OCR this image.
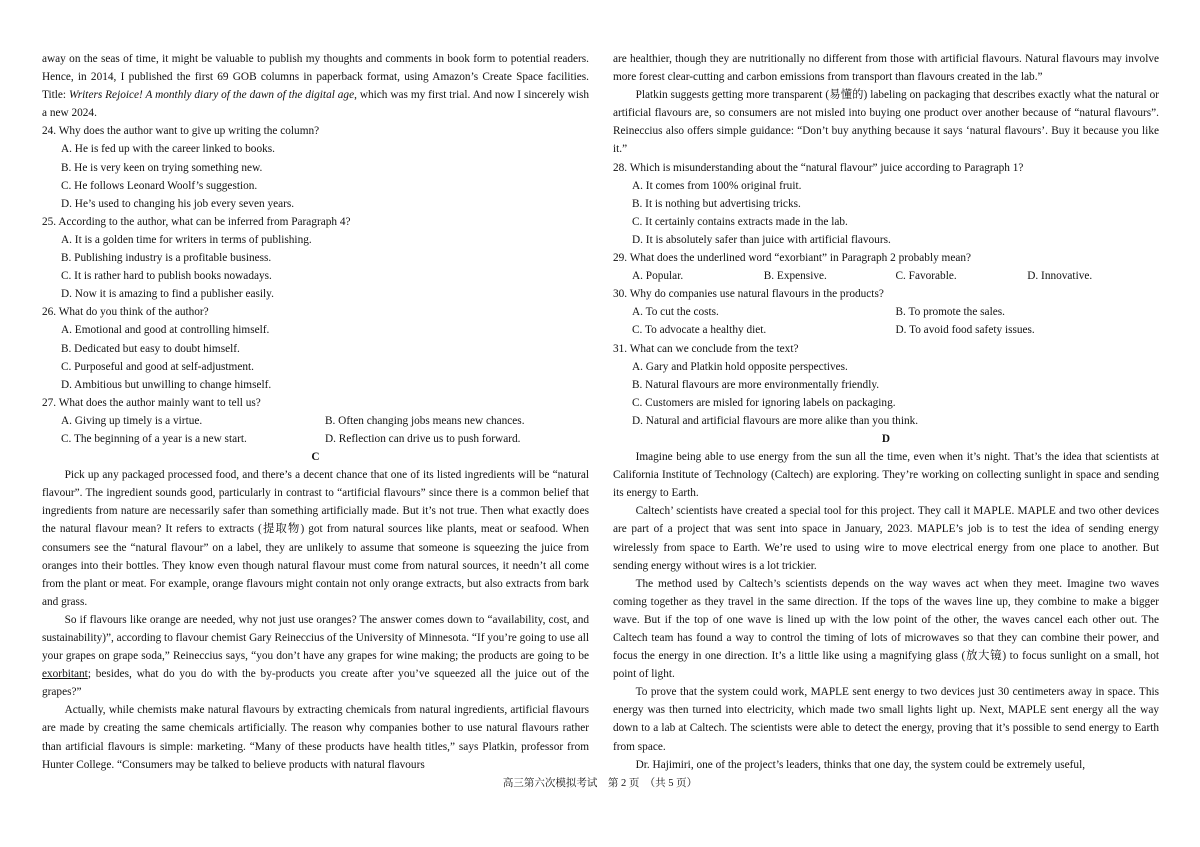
away on the seas of time, it might be valuable to publish my thoughts and comments in book form to potential readers. Hence, in 2014, I published the first 69 GOB columns in paperback format, using Amazon’s Create Space facilities. Title: Writers Rejoice! A monthly diary of the dawn of the digital age, which was my first trial. And now I sincerely wish a new 2024.

24. Why does the author want to give up writing the column?

A. He is fed up with the career linked to books.

B. He is very keen on trying something new.

C. He follows Leonard Woolf’s suggestion.

D. He’s used to changing his job every seven years.

25. According to the author, what can be inferred from Paragraph 4?

A. It is a golden time for writers in terms of publishing.

B. Publishing industry is a profitable business.

C. It is rather hard to publish books nowadays.

D. Now it is amazing to find a publisher easily.

26. What do you think of the author?

A. Emotional and good at controlling himself.

B. Dedicated but easy to doubt himself.

C. Purposeful and good at self-adjustment.

D. Ambitious but unwilling to change himself.

27. What does the author mainly want to tell us?

A. Giving up timely is a virtue.	B. Often changing jobs means new chances.
C. The beginning of a year is a new start.	D. Reflection can drive us to push forward.

C

Pick up any packaged processed food, and there’s a decent chance that one of its listed ingredients will be “natural flavour”. The ingredient sounds good, particularly in contrast to “artificial flavours” since there is a common belief that ingredients from nature are necessarily safer than something artificially made. But it’s not true. Then what exactly does the natural flavour mean? It refers to extracts (提取物) got from natural sources like plants, meat or seafood. When consumers see the “natural flavour” on a label, they are unlikely to assume that someone is squeezing the juice from oranges into their bottles. They know even though natural flavour must come from natural sources, it needn’t all come from the plant or meat. For example, orange flavours might contain not only orange extracts, but also extracts from bark and grass.

So if flavours like orange are needed, why not just use oranges? The answer comes down to “availability, cost, and sustainability)”, according to flavour chemist Gary Reineccius of the University of Minnesota. “If you’re going to use all your grapes on grape soda,” Reineccius says, “you don’t have any grapes for wine making; the products are going to be exorbitant; besides, what do you do with the by-products you create after you’ve squeezed all the juice out of the grapes?”

Actually, while chemists make natural flavours by extracting chemicals from natural ingredients, artificial flavours are made by creating the same chemicals artificially. The reason why companies bother to use natural flavours rather than artificial flavours is simple: marketing. “Many of these products have health titles,” says Platkin, professor from Hunter College. “Consumers may be talked to believe products with natural flavours

are healthier, though they are nutritionally no different from those with artificial flavours. Natural flavours may involve more forest clear-cutting and carbon emissions from transport than flavours created in the lab.”

Platkin suggests getting more transparent (易懂的) labeling on packaging that describes exactly what the natural or artificial flavours are, so consumers are not misled into buying one product over another because of “natural flavours”. Reineccius also offers simple guidance: “Don’t buy anything because it says ‘natural flavours’. Buy it because you like it.”

28. Which is misunderstanding about the “natural flavour” juice according to Paragraph 1?

A. It comes from 100% original fruit.

B. It is nothing but advertising tricks.

C. It certainly contains extracts made in the lab.

D. It is absolutely safer than juice with artificial flavours.

29. What does the underlined word “exorbiant” in Paragraph 2 probably mean?

A. Popular.	B. Expensive.	C. Favorable.	D. Innovative.

30. Why do companies use natural flavours in the products?

A. To cut the costs.	B. To promote the sales.
C. To advocate a healthy diet.	D. To avoid food safety issues.

31. What can we conclude from the text?

A. Gary and Platkin hold opposite perspectives.

B. Natural flavours are more environmentally friendly.

C. Customers are misled for ignoring labels on packaging.

D. Natural and artificial flavours are more alike than you think.

D

Imagine being able to use energy from the sun all the time, even when it’s night. That’s the idea that scientists at California Institute of Technology (Caltech) are exploring. They’re working on collecting sunlight in space and sending its energy to Earth.

Caltech’ scientists have created a special tool for this project. They call it MAPLE. MAPLE and two other devices are part of a project that was sent into space in January, 2023. MAPLE’s job is to test the idea of sending energy wirelessly from space to Earth. We’re used to using wire to move electrical energy from one place to another. But sending energy without wires is a lot trickier.

The method used by Caltech’s scientists depends on the way waves act when they meet. Imagine two waves coming together as they travel in the same direction. If the tops of the waves line up, they combine to make a bigger wave. But if the top of one wave is lined up with the low point of the other, the waves cancel each other out. The Caltech team has found a way to control the timing of lots of microwaves so that they can combine their power, and focus the energy in one direction. It’s a little like using a magnifying glass (放大镜) to focus sunlight on a small, hot point of light.

To prove that the system could work, MAPLE sent energy to two devices just 30 centimeters away in space. This energy was then turned into electricity, which made two small lights light up. Next, MAPLE sent energy all the way down to a lab at Caltech. The scientists were able to detect the energy, proving that it’s possible to send energy to Earth from space.

Dr. Hajimiri, one of the project’s leaders, thinks that one day, the system could be extremely useful,

高三第六次模拟考试　第 2 页　（共 5 页）
